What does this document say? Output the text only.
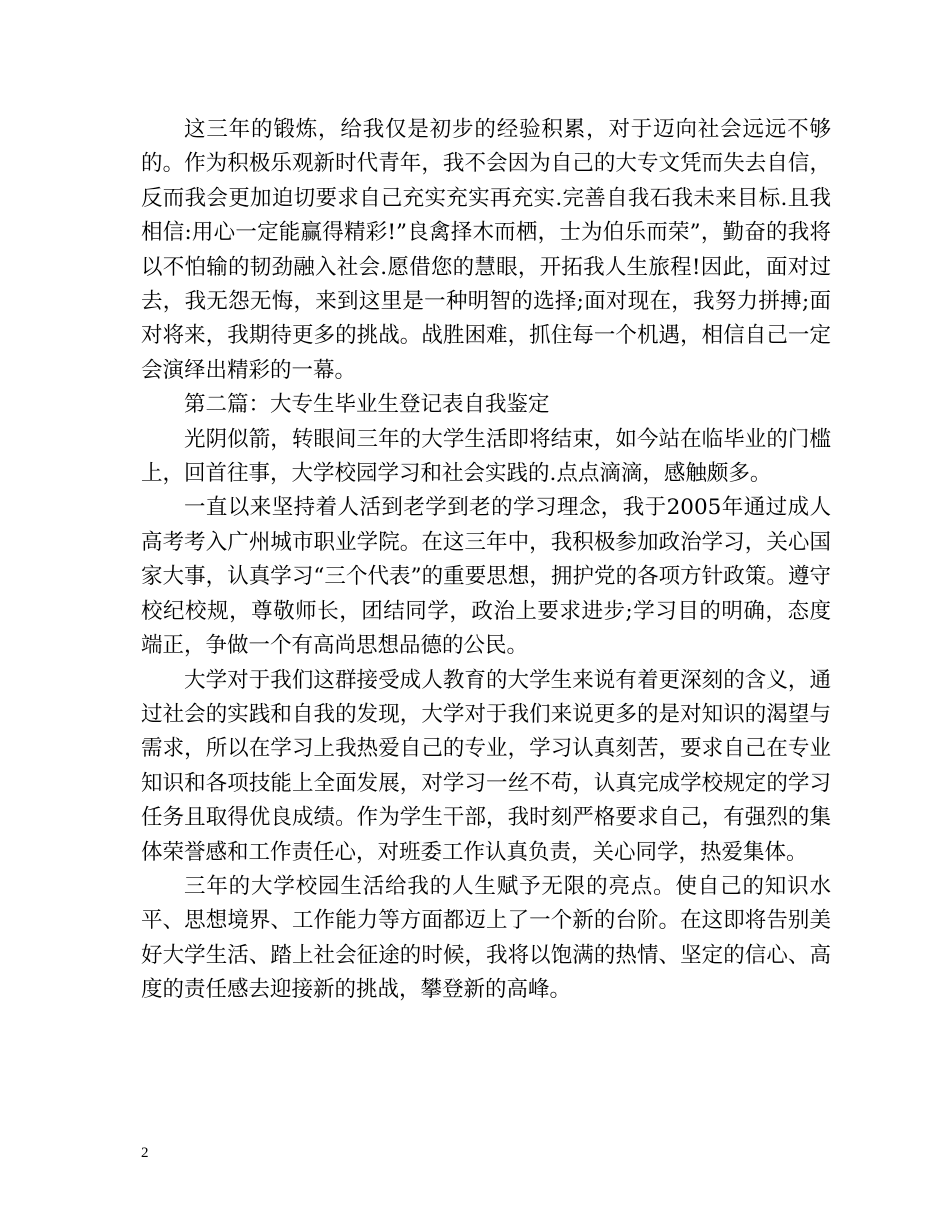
这三年的锻炼，给我仅是初步的经验积累，对于迈向社会远远不够的。作为积极乐观新时代青年，我不会因为自己的大专文凭而失去自信，反而我会更加迫切要求自己充实充实再充实.完善自我石我未来目标.且我相信:用心一定能赢得精彩!”良禽择木而栖，士为伯乐而荣”，勤奋的我将以不怕输的韧劲融入社会.愿借您的慧眼，开拓我人生旅程!因此，面对过去，我无怨无悔，来到这里是一种明智的选择;面对现在，我努力拼搏;面对将来，我期待更多的挑战。战胜困难，抓住每一个机遇，相信自己一定会演绎出精彩的一幕。

第二篇：大专生毕业生登记表自我鉴定

光阴似箭，转眼间三年的大学生活即将结束，如今站在临毕业的门槛上，回首往事，大学校园学习和社会实践的.点点滴滴，感触颇多。

一直以来坚持着人活到老学到老的学习理念，我于2005年通过成人高考考入广州城市职业学院。在这三年中，我积极参加政治学习，关心国家大事，认真学习“三个代表”的重要思想，拥护党的各项方针政策。遵守校纪校规，尊敬师长，团结同学，政治上要求进步;学习目的明确，态度端正，争做一个有高尚思想品德的公民。

大学对于我们这群接受成人教育的大学生来说有着更深刻的含义，通过社会的实践和自我的发现，大学对于我们来说更多的是对知识的渴望与需求，所以在学习上我热爱自己的专业，学习认真刻苦，要求自己在专业知识和各项技能上全面发展，对学习一丝不苟，认真完成学校规定的学习任务且取得优良成绩。作为学生干部，我时刻严格要求自己，有强烈的集体荣誉感和工作责任心，对班委工作认真负责，关心同学，热爱集体。

三年的大学校园生活给我的人生赋予无限的亮点。使自己的知识水平、思想境界、工作能力等方面都迈上了一个新的台阶。在这即将告别美好大学生活、踏上社会征途的时候，我将以饱满的热情、坚定的信心、高度的责任感去迎接新的挑战，攀登新的高峰。

2
